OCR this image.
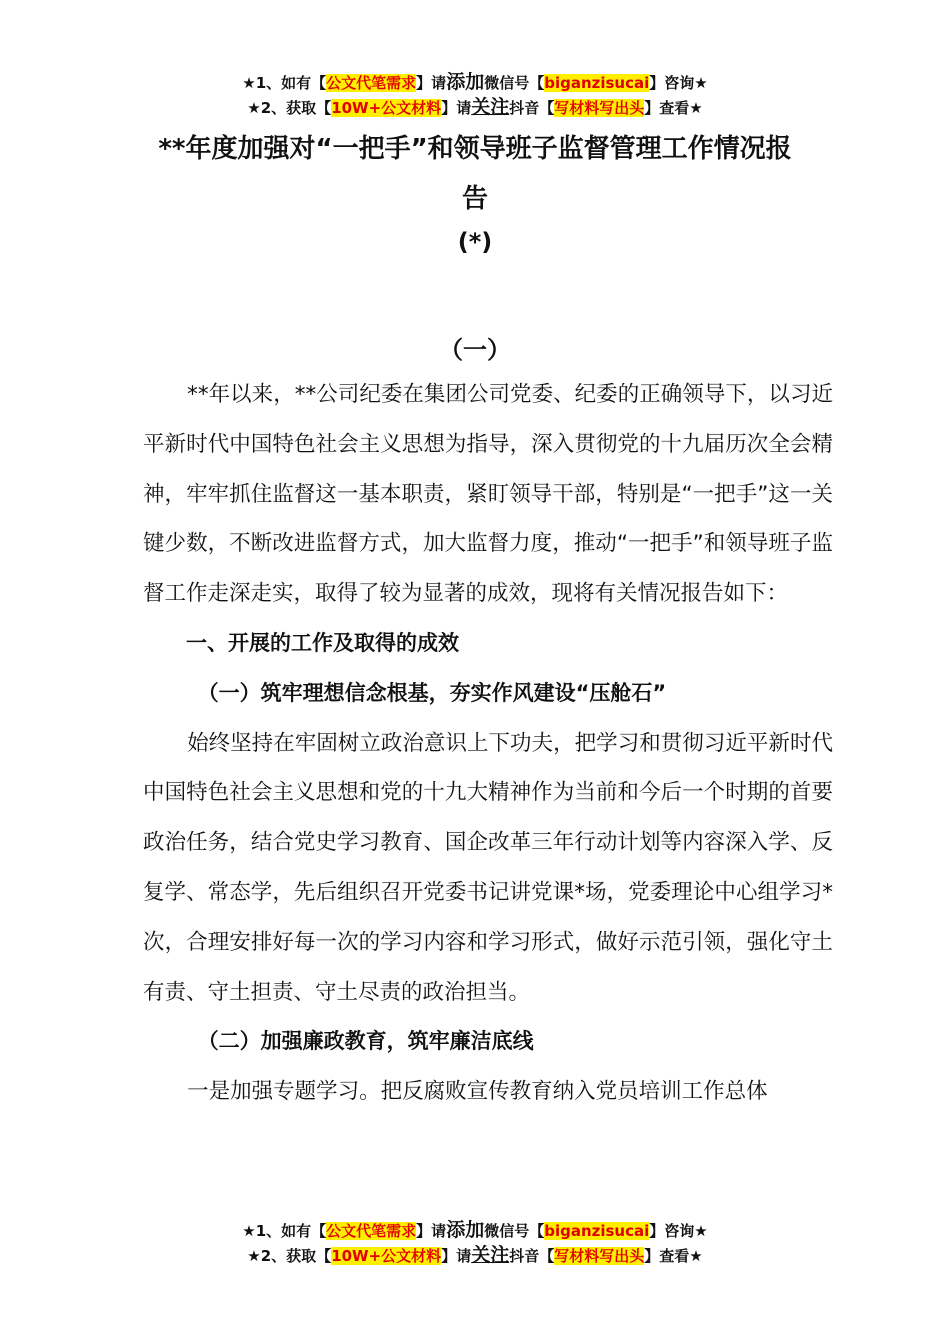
★1、如有【公文代笔需求】请添加微信号【biganzisucai】咨询★
★2、获取【10W+公文材料】请关注抖音【写材料写出头】查看★
**年度加强对“一把手”和领导班子监督管理工作情况报
告
(*)
（一）

**年以来，**公司纪委在集团公司党委、纪委的正确领导下，以习近平新时代中国特色社会主义思想为指导，深入贯彻党的十九届历次全会精神，牢牢抓住监督这一基本职责，紧盯领导干部，特别是“一把手”这一关键少数，不断改进监督方式，加大监督力度，推动“一把手”和领导班子监督工作走深走实，取得了较为显著的成效，现将有关情况报告如下：

一、开展的工作及取得的成效
（一）筑牢理想信念根基，夯实作风建设“压舱石”

始终坚持在牢固树立政治意识上下功夫，把学习和贯彻习近平新时代中国特色社会主义思想和党的十九大精神作为当前和今后一个时期的首要政治任务，结合党史学习教育、国企改革三年行动计划等内容深入学、反复学、常态学，先后组织召开党委书记讲党课*场，党委理论中心组学习*次，合理安排好每一次的学习内容和学习形式，做好示范引领，强化守土有责、守土担责、守土尽责的政治担当。

（二）加强廉政教育，筑牢廉洁底线

一是加强专题学习。把反腐败宣传教育纳入党员培训工作总体

★1、如有【公文代笔需求】请添加微信号【biganzisucai】咨询★
★2、获取【10W+公文材料】请关注抖音【写材料写出头】查看★
